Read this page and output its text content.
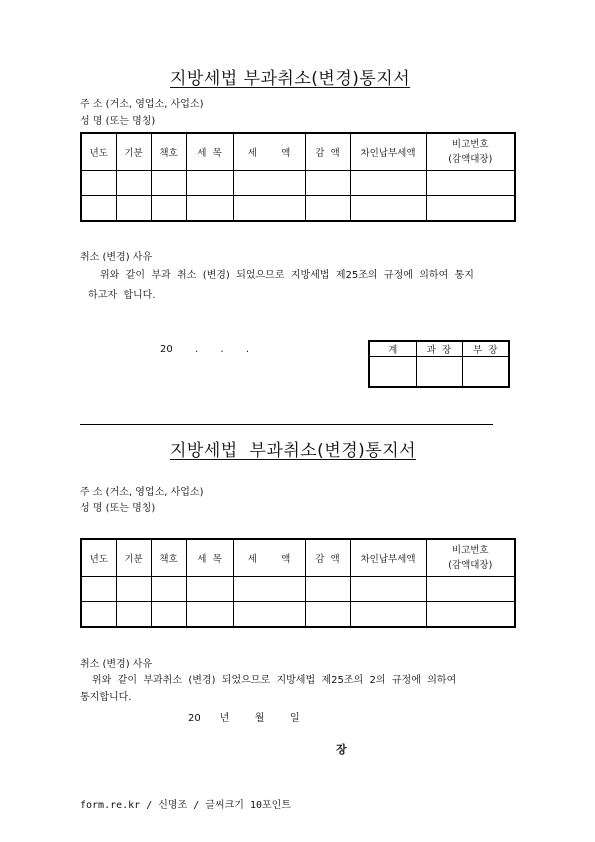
지방세법 부과취소(변경)통지서
주 소 (거소, 영업소, 사업소)
성 명 (또는 명칭)
년도	기분	책호	세  목	세        액	감  액	차인납부세액	비고번호
(감액대장)

취소 (변경) 사유
위와  같이  부과  취소  (변경)  되었으므로  지방세법  제25조의  규정에  의하여  통지
하고자  합니다.
20       .       .       .	계	과  장	부  장

지방세법  부과취소(변경)통지서
주 소 (거소, 영업소, 사업소)
성 명 (또는 명칭)
년도	기분	책호	세  목	세        액	감  액	차인납부세액	비고번호
(감액대장)

취소 (변경) 사유
위와  같이  부과취소  (변경)  되었으므로  지방세법  제25조의  2의  규정에  의하여
통지합니다.
20      년        월        일
장
form.re.kr / 신명조 / 글씨크기 10포인트
